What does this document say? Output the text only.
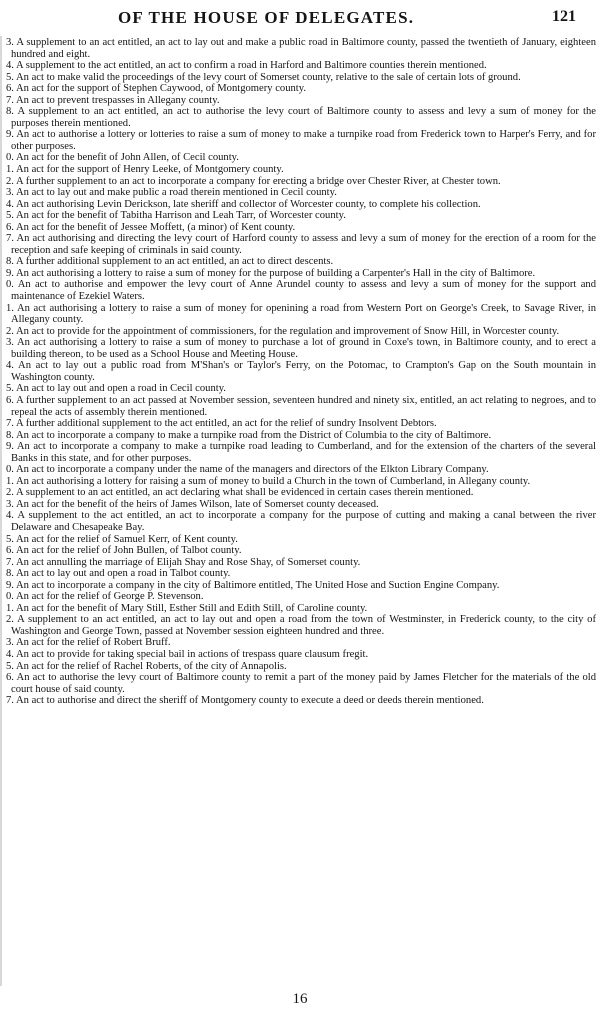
OF THE HOUSE OF DELEGATES.	121

3. A supplement to an act entitled, an act to lay out and make a public road in Baltimore county, passed the twentieth of January, eighteen hundred and eight.

4. A supplement to the act entitled, an act to confirm a road in Harford and Baltimore counties therein mentioned.

5. An act to make valid the proceedings of the levy court of Somerset county, relative to the sale of certain lots of ground.

6. An act for the support of Stephen Caywood, of Montgomery county.

7. An act to prevent trespasses in Allegany county.

8. A supplement to an act entitled, an act to authorise the levy court of Baltimore county to assess and levy a sum of money for the purposes therein mentioned.

9. An act to authorise a lottery or lotteries to raise a sum of money to make a turnpike road from Frederick town to Harper's Ferry, and for other purposes.

0. An act for the benefit of John Allen, of Cecil county.

1. An act for the support of Henry Leeke, of Montgomery county.

2. A further supplement to an act to incorporate a company for erecting a bridge over Chester River, at Chester town.

3. An act to lay out and make public a road therein mentioned in Cecil county.

4. An act authorising Levin Derickson, late sheriff and collector of Worcester county, to complete his collection.

5. An act for the benefit of Tabitha Harrison and Leah Tarr, of Worcester county.

6. An act for the benefit of Jessee Moffett, (a minor) of Kent county.

7. An act authorising and directing the levy court of Harford county to assess and levy a sum of money for the erection of a room for the reception and safe keeping of criminals in said county.

8. A further additional supplement to an act entitled, an act to direct descents.

9. An act authorising a lottery to raise a sum of money for the purpose of building a Carpenter's Hall in the city of Baltimore.

0. An act to authorise and empower the levy court of Anne Arundel county to assess and levy a sum of money for the support and maintenance of Ezekiel Waters.

1. An act authorising a lottery to raise a sum of money for openining a road from Western Port on George's Creek, to Savage River, in Allegany county.

2. An act to provide for the appointment of commissioners, for the regulation and improvement of Snow Hill, in Worcester county.

3. An act authorising a lottery to raise a sum of money to purchase a lot of ground in Coxe's town, in Baltimore county, and to erect a building thereon, to be used as a School House and Meeting House.

4. An act to lay out a public road from M'Shan's or Taylor's Ferry, on the Potomac, to Crampton's Gap on the South mountain in Washington county.

5. An act to lay out and open a road in Cecil county.

6. A further supplement to an act passed at November session, seventeen hundred and ninety six, entitled, an act relating to negroes, and to repeal the acts of assembly therein mentioned.

7. A further additional supplement to the act entitled, an act for the relief of sundry Insolvent Debtors.

8. An act to incorporate a company to make a turnpike road from the District of Columbia to the city of Baltimore.

9. An act to incorporate a company to make a turnpike road leading to Cumberland, and for the extension of the charters of the several Banks in this state, and for other purposes.

0. An act to incorporate a company under the name of the managers and directors of the Elkton Library Company.

1. An act authorising a lottery for raising a sum of money to build a Church in the town of Cumberland, in Allegany county.

2. A supplement to an act entitled, an act declaring what shall be evidenced in certain cases therein mentioned.

3. An act for the benefit of the heirs of James Wilson, late of Somerset county deceased.

4. A supplement to the act entitled, an act to incorporate a company for the purpose of cutting and making a canal between the river Delaware and Chesapeake Bay.

5. An act for the relief of Samuel Kerr, of Kent county.

6. An act for the relief of John Bullen, of Talbot county.

7. An act annulling the marriage of Elijah Shay and Rose Shay, of Somerset county.

8. An act to lay out and open a road in Talbot county.

9. An act to incorporate a company in the city of Baltimore entitled, The United Hose and Suction Engine Company.

0. An act for the relief of George P. Stevenson.

1. An act for the benefit of Mary Still, Esther Still and Edith Still, of Caroline county.

2. A supplement to an act entitled, an act to lay out and open a road from the town of Westminster, in Frederick county, to the city of Washington and George Town, passed at November session eighteen hundred and three.

3. An act for the relief of Robert Bruff.

4. An act to provide for taking special bail in actions of trespass quare clausum fregit.

5. An act for the relief of Rachel Roberts, of the city of Annapolis.

6. An act to authorise the levy court of Baltimore county to remit a part of the money paid by James Fletcher for the materials of the old court house of said county.

7. An act to authorise and direct the sheriff of Montgomery county to execute a deed or deeds therein mentioned.

16
